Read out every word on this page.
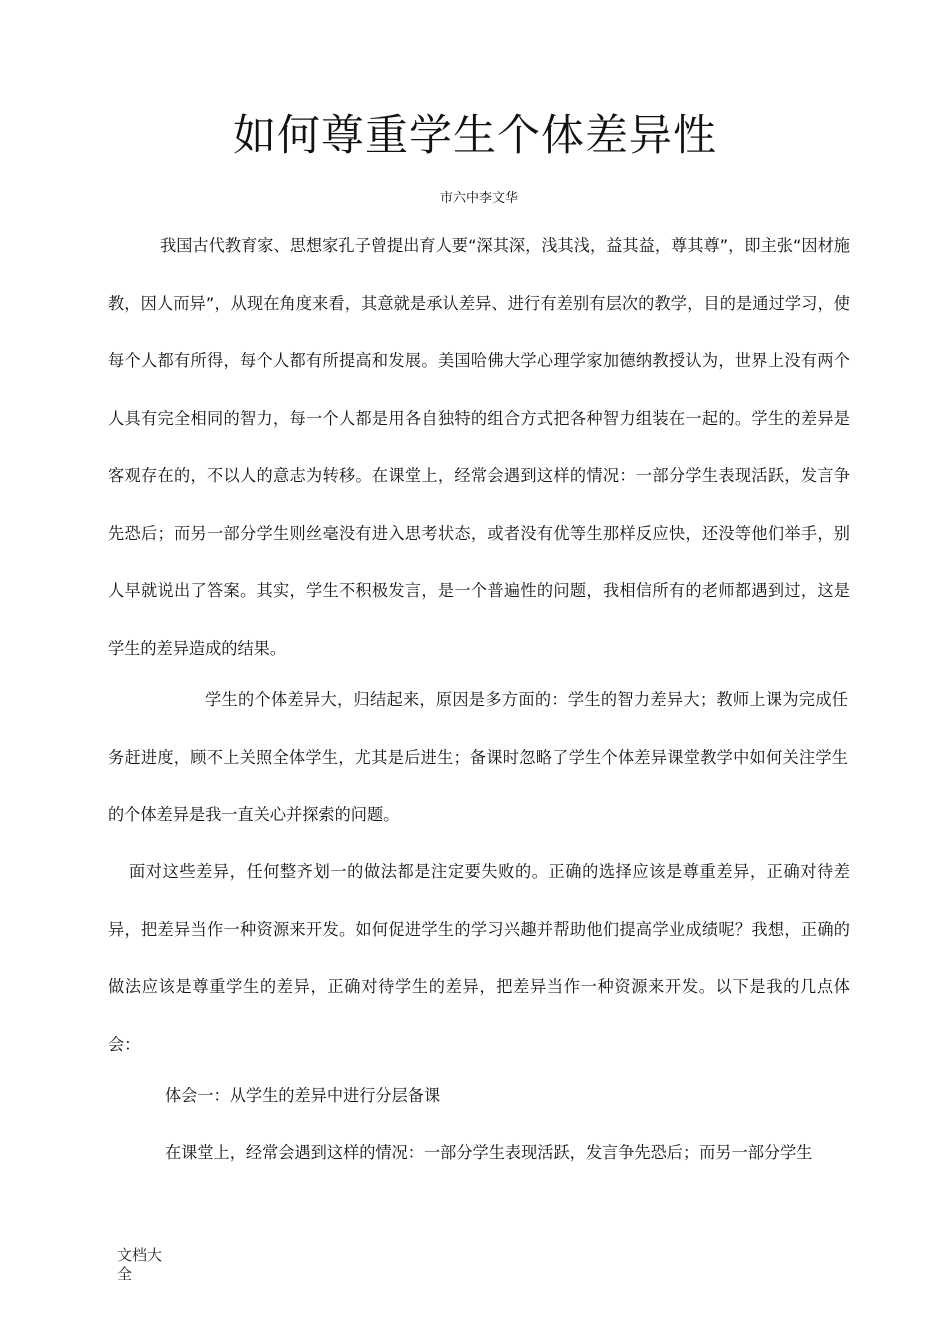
如何尊重学生个体差异性
市六中李文华

我国古代教育家、思想家孔子曾提出育人要“深其深，浅其浅，益其益，尊其尊”，即主张“因材施教，因人而异”，从现在角度来看，其意就是承认差异、进行有差别有层次的教学，目的是通过学习，使每个人都有所得，每个人都有所提高和发展。美国哈佛大学心理学家加德纳教授认为，世界上没有两个人具有完全相同的智力，每一个人都是用各自独特的组合方式把各种智力组装在一起的。学生的差异是客观存在的，不以人的意志为转移。在课堂上，经常会遇到这样的情况：一部分学生表现活跃，发言争先恐后；而另一部分学生则丝毫没有进入思考状态，或者没有优等生那样反应快，还没等他们举手，别人早就说出了答案。其实，学生不积极发言，是一个普遍性的问题，我相信所有的老师都遇到过，这是学生的差异造成的结果。

学生的个体差异大，归结起来，原因是多方面的：学生的智力差异大；教师上课为完成任务赶进度，顾不上关照全体学生，尤其是后进生；备课时忽略了学生个体差异课堂教学中如何关注学生的个体差异是我一直关心并探索的问题。

面对这些差异，任何整齐划一的做法都是注定要失败的。正确的选择应该是尊重差异，正确对待差异，把差异当作一种资源来开发。如何促进学生的学习兴趣并帮助他们提高学业成绩呢？我想，正确的做法应该是尊重学生的差异，正确对待学生的差异，把差异当作一种资源来开发。以下是我的几点体会：

体会一：从学生的差异中进行分层备课

在课堂上，经常会遇到这样的情况：一部分学生表现活跃，发言争先恐后；而另一部分学生

文档大全
